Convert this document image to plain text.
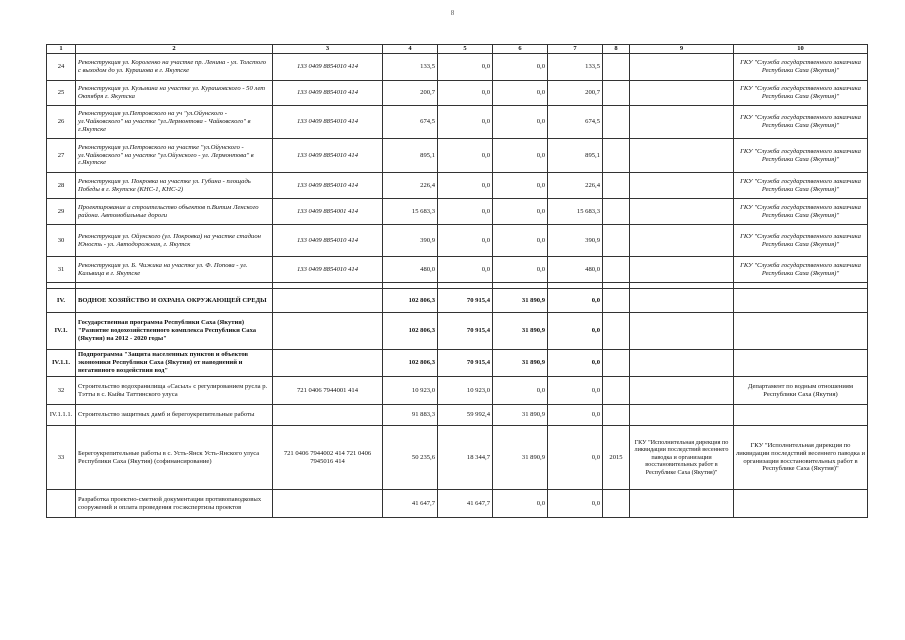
8
1	2	3	4	5	6	7	8	9	10
24	Реконструкция ул. Короленко на участке пр. Ленина - ул. Толстого с выходом до ул. Курашова в г. Якутске	133 0409 8854010 414	133,5	0,0	0,0	133,5			ГКУ "Служба государственного заказчика Республики Саха (Якутия)"
25	Реконструкция ул. Кузьмина на участке ул. Курашовского - 50 лет Октября г. Якутска	133 0409 8854010 414	200,7	0,0	0,0	200,7			ГКУ "Служба государственного заказчика Республики Саха (Якутия)"
26	Реконструкция ул.Петровского на уч "ул.Ойунского - ул.Чайковского" на участке "ул.Лермонтова - Чайковского" в г.Якутске	133 0409 8854010 414	674,5	0,0	0,0	674,5			ГКУ "Служба государственного заказчика Республики Саха (Якутия)"
27	Реконструкция ул.Петровского на участке "ул.Ойунского - ул.Чайковского" на участке "ул.Ойунского - ул. Лермонтова" в г.Якутске	133 0409 8854010 414	895,1	0,0	0,0	895,1			ГКУ "Служба государственного заказчика Республики Саха (Якутия)"
28	Реконструкция ул. Покровка на участке ул. Губина - площадь Победы в г. Якутске (КНС-1, КНС-2)	133 0409 8854010 414	226,4	0,0	0,0	226,4			ГКУ "Служба государственного заказчика Республики Саха (Якутия)"
29	Проектирование и строительство объектов п.Витим Ленского района. Автомобильные дороги	133 0409 8854001 414	15 683,3	0,0	0,0	15 683,3			ГКУ "Служба государственного заказчика Республики Саха (Якутия)"
30	Реконструкция ул. Ойунского (ул. Покровка) на участке стадион Юность - ул. Автодорожная, г. Якутск	133 0409 8854010 414	390,9	0,0	0,0	390,9			ГКУ "Служба государственного заказчика Республики Саха (Якутия)"
31	Реконструкция ул. Б. Чижика на участке ул. Ф. Попова - ул. Кальвица в г. Якутске	133 0409 8854010 414	480,0	0,0	0,0	480,0			ГКУ "Служба государственного заказчика Республики Саха (Якутия)"

IV.	ВОДНОЕ ХОЗЯЙСТВО И ОХРАНА ОКРУЖАЮЩЕЙ СРЕДЫ		102 806,3	70 915,4	31 890,9	0,0			
IV.1.	Государственная программа Республики Саха (Якутия) "Развитие водохозяйственного комплекса Республики Саха (Якутия) на 2012 - 2020 годы"		102 806,3	70 915,4	31 890,9	0,0			
IV.1.1.	Подпрограмма "Защита населенных пунктов и объектов экономики Республики Саха (Якутия) от наводнений и негативного воздействия вод"		102 806,3	70 915,4	31 890,9	0,0			
32	Строительство водохранилища «Сасыл» с регулированием русла р. Тэтты в с. Кыйы Таттинского улуса	721 0406 7944001 414	10 923,0	10 923,0	0,0	0,0			Департамент по водным отношениям Республики Саха (Якутия)
IV.1.1.1.	Строительство защитных дамб и берегоукрепительные работы		91 883,3	59 992,4	31 890,9	0,0			
33	Берегоукрепительные работы в с. Усть-Янск Усть-Янского улуса Республики Саха (Якутия) (софинансирование)	721 0406 7944002 414 721 0406 7945016 414	50 235,6	18 344,7	31 890,9	0,0	2015	ГКУ "Исполнительная дирекция по ликвидации последствий весеннего паводка и организации восстановительных работ в Республике Саха (Якутия)"	ГКУ "Исполнительная дирекция по ликвидации последствий весеннего паводка и организации восстановительных работ в Республике Саха (Якутия)"
	Разработка проектно-сметной документации противопаводковых сооружений и оплата проведения госэкспертизы проектов		41 647,7	41 647,7	0,0	0,0			
